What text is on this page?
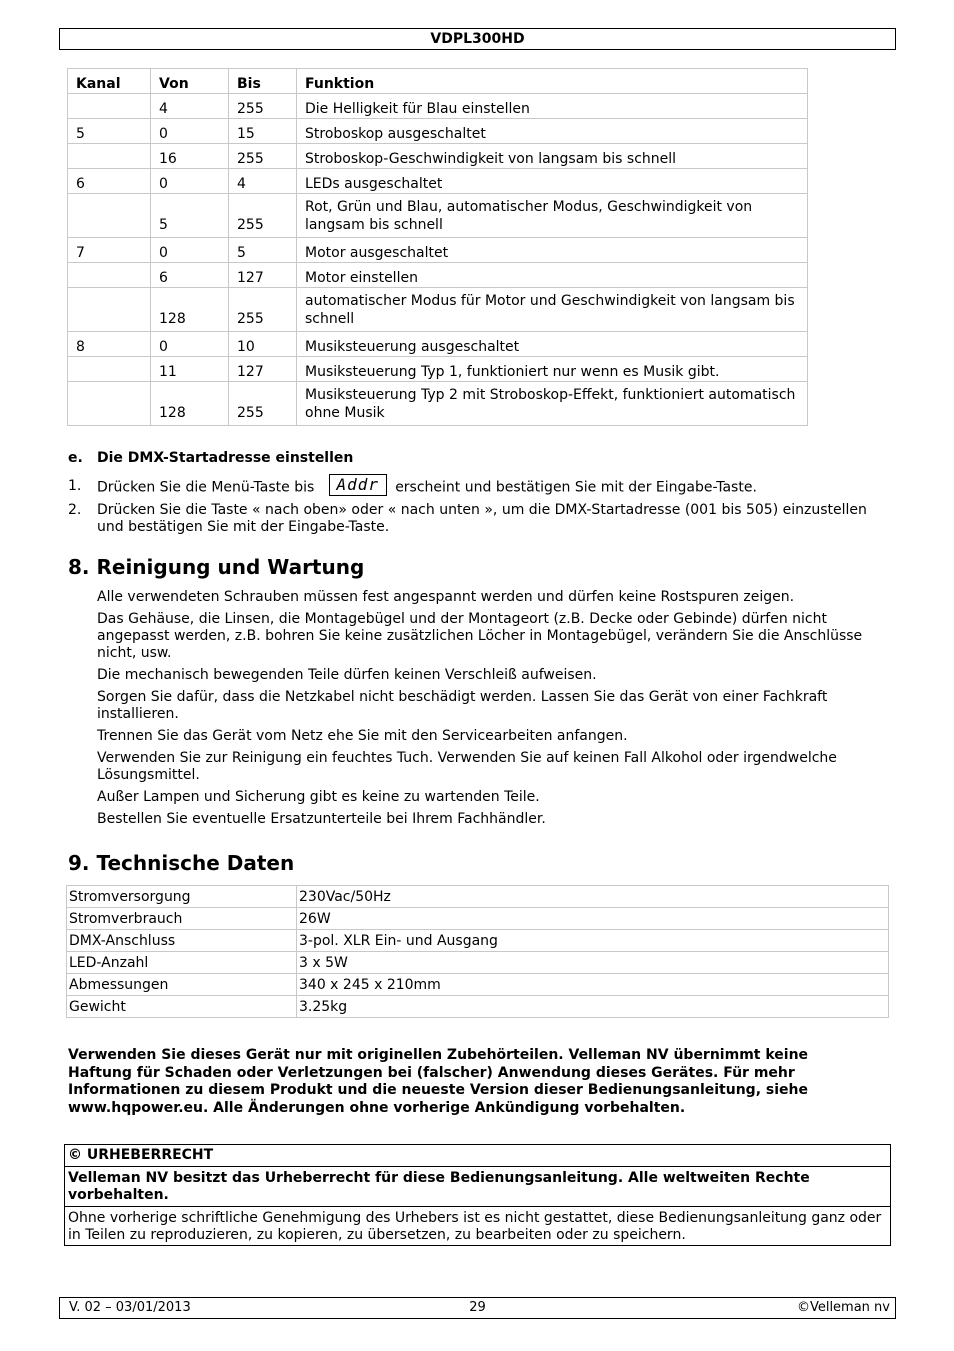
VDPL300HD
Kanal	Von	Bis	Funktion
	4	255	Die Helligkeit für Blau einstellen
5	0	15	Stroboskop ausgeschaltet
	16	255	Stroboskop-Geschwindigkeit von langsam bis schnell
6	0	4	LEDs ausgeschaltet
	5	255	Rot, Grün und Blau, automatischer Modus, Geschwindigkeit von langsam bis schnell
7	0	5	Motor ausgeschaltet
	6	127	Motor einstellen
	128	255	automatischer Modus für Motor und Geschwindigkeit von langsam bis schnell
8	0	10	Musiksteuerung ausgeschaltet
	11	127	Musiksteuerung Typ 1, funktioniert nur wenn es Musik gibt.
	128	255	Musiksteuerung Typ 2 mit Stroboskop-Effekt, funktioniert automatisch ohne Musik
e. Die DMX-Startadresse einstellen
1. Drücken Sie die Menü-Taste bis Addr erscheint und bestätigen Sie mit der Eingabe-Taste.
2. Drücken Sie die Taste « nach oben» oder « nach unten », um die DMX-Startadresse (001 bis 505) einzustellen und bestätigen Sie mit der Eingabe-Taste.
8. Reinigung und Wartung

Alle verwendeten Schrauben müssen fest angespannt werden und dürfen keine Rostspuren zeigen.

Das Gehäuse, die Linsen, die Montagebügel und der Montageort (z.B. Decke oder Gebinde) dürfen nicht angepasst werden, z.B. bohren Sie keine zusätzlichen Löcher in Montagebügel, verändern Sie die Anschlüsse nicht, usw.

Die mechanisch bewegenden Teile dürfen keinen Verschleiß aufweisen.

Sorgen Sie dafür, dass die Netzkabel nicht beschädigt werden. Lassen Sie das Gerät von einer Fachkraft installieren.

Trennen Sie das Gerät vom Netz ehe Sie mit den Servicearbeiten anfangen.

Verwenden Sie zur Reinigung ein feuchtes Tuch. Verwenden Sie auf keinen Fall Alkohol oder irgendwelche Lösungsmittel.

Außer Lampen und Sicherung gibt es keine zu wartenden Teile.

Bestellen Sie eventuelle Ersatzunterteile bei Ihrem Fachhändler.

9. Technische Daten
Stromversorgung	230Vac/50Hz
Stromverbrauch	26W
DMX-Anschluss	3-pol. XLR Ein- und Ausgang
LED-Anzahl	3 x 5W
Abmessungen	340 x 245 x 210mm
Gewicht	3.25kg
Verwenden Sie dieses Gerät nur mit originellen Zubehörteilen. Velleman NV übernimmt keine Haftung für Schaden oder Verletzungen bei (falscher) Anwendung dieses Gerätes. Für mehr Informationen zu diesem Produkt und die neueste Version dieser Bedienungsanleitung, siehe www.hqpower.eu. Alle Änderungen ohne vorherige Ankündigung vorbehalten.
© URHEBERRECHT
Velleman NV besitzt das Urheberrecht für diese Bedienungsanleitung. Alle weltweiten Rechte vorbehalten.
Ohne vorherige schriftliche Genehmigung des Urhebers ist es nicht gestattet, diese Bedienungsanleitung ganz oder in Teilen zu reproduzieren, zu kopieren, zu übersetzen, zu bearbeiten oder zu speichern.
V. 02 – 03/01/2013	29	©Velleman nv
